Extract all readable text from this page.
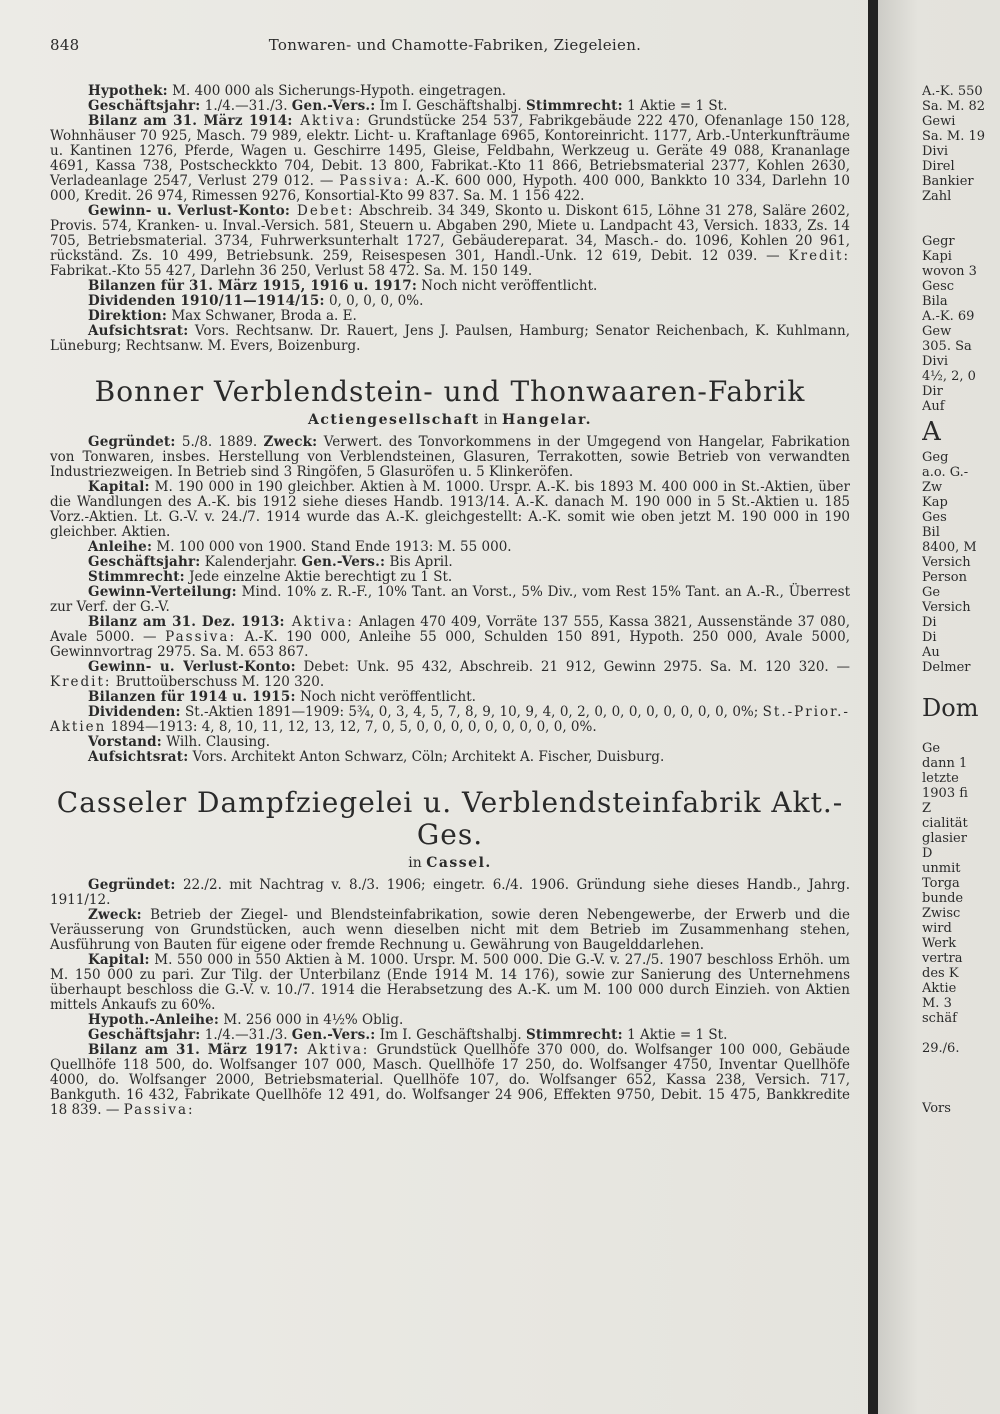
848	Tonwaren- und Chamotte-Fabriken, Ziegeleien.

Hypothek: M. 400 000 als Sicherungs-Hypoth. eingetragen.

Geschäftsjahr: 1./4.—31./3. Gen.-Vers.: Im I. Geschäftshalbj. Stimmrecht: 1 Aktie = 1 St.

Bilanz am 31. März 1914: Aktiva: Grundstücke 254 537, Fabrikgebäude 222 470, Ofenanlage 150 128, Wohnhäuser 70 925, Masch. 79 989, elektr. Licht- u. Kraftanlage 6965, Kontoreinricht. 1177, Arb.-Unterkunfträume u. Kantinen 1276, Pferde, Wagen u. Geschirre 1495, Gleise, Feldbahn, Werkzeug u. Geräte 49 088, Krananlage 4691, Kassa 738, Postscheckkto 704, Debit. 13 800, Fabrikat.-Kto 11 866, Betriebsmaterial 2377, Kohlen 2630, Verladeanlage 2547, Verlust 279 012. — Passiva: A.-K. 600 000, Hypoth. 400 000, Bankkto 10 334, Darlehn 10 000, Kredit. 26 974, Rimessen 9276, Konsortial-Kto 99 837. Sa. M. 1 156 422.

Gewinn- u. Verlust-Konto: Debet: Abschreib. 34 349, Skonto u. Diskont 615, Löhne 31 278, Saläre 2602, Provis. 574, Kranken- u. Inval.-Versich. 581, Steuern u. Abgaben 290, Miete u. Landpacht 43, Versich. 1833, Zs. 14 705, Betriebsmaterial. 3734, Fuhrwerksunterhalt 1727, Gebäudereparat. 34, Masch.- do. 1096, Kohlen 20 961, rückständ. Zs. 10 499, Betriebsunk. 259, Reisespesen 301, Handl.-Unk. 12 619, Debit. 12 039. — Kredit: Fabrikat.-Kto 55 427, Darlehn 36 250, Verlust 58 472. Sa. M. 150 149.

Bilanzen für 31. März 1915, 1916 u. 1917: Noch nicht veröffentlicht.

Dividenden 1910/11—1914/15: 0, 0, 0, 0, 0%.

Direktion: Max Schwaner, Broda a. E.

Aufsichtsrat: Vors. Rechtsanw. Dr. Rauert, Jens J. Paulsen, Hamburg; Senator Reichenbach, K. Kuhlmann, Lüneburg; Rechtsanw. M. Evers, Boizenburg.

Bonner Verblendstein- und Thonwaaren-Fabrik
Actiengesellschaft in Hangelar.

Gegründet: 5./8. 1889. Zweck: Verwert. des Tonvorkommens in der Umgegend von Hangelar, Fabrikation von Tonwaren, insbes. Herstellung von Verblendsteinen, Glasuren, Terrakotten, sowie Betrieb von verwandten Industriezweigen. In Betrieb sind 3 Ringöfen, 5 Glasuröfen u. 5 Klinkeröfen.

Kapital: M. 190 000 in 190 gleichber. Aktien à M. 1000. Urspr. A.-K. bis 1893 M. 400 000 in St.-Aktien, über die Wandlungen des A.-K. bis 1912 siehe dieses Handb. 1913/14. A.-K. danach M. 190 000 in 5 St.-Aktien u. 185 Vorz.-Aktien. Lt. G.-V. v. 24./7. 1914 wurde das A.-K. gleichgestellt: A.-K. somit wie oben jetzt M. 190 000 in 190 gleichber. Aktien.

Anleihe: M. 100 000 von 1900. Stand Ende 1913: M. 55 000.

Geschäftsjahr: Kalenderjahr. Gen.-Vers.: Bis April.

Stimmrecht: Jede einzelne Aktie berechtigt zu 1 St.

Gewinn-Verteilung: Mind. 10% z. R.-F., 10% Tant. an Vorst., 5% Div., vom Rest 15% Tant. an A.-R., Überrest zur Verf. der G.-V.

Bilanz am 31. Dez. 1913: Aktiva: Anlagen 470 409, Vorräte 137 555, Kassa 3821, Aussenstände 37 080, Avale 5000. — Passiva: A.-K. 190 000, Anleihe 55 000, Schulden 150 891, Hypoth. 250 000, Avale 5000, Gewinnvortrag 2975. Sa. M. 653 867.

Gewinn- u. Verlust-Konto: Debet: Unk. 95 432, Abschreib. 21 912, Gewinn 2975. Sa. M. 120 320. — Kredit: Bruttoüberschuss M. 120 320.

Bilanzen für 1914 u. 1915: Noch nicht veröffentlicht.

Dividenden: St.-Aktien 1891—1909: 5¾, 0, 3, 4, 5, 7, 8, 9, 10, 9, 4, 0, 2, 0, 0, 0, 0, 0, 0, 0, 0, 0%; St.-Prior.-Aktien 1894—1913: 4, 8, 10, 11, 12, 13, 12, 7, 0, 5, 0, 0, 0, 0, 0, 0, 0, 0, 0, 0%.

Vorstand: Wilh. Clausing.

Aufsichtsrat: Vors. Architekt Anton Schwarz, Cöln; Architekt A. Fischer, Duisburg.

Casseler Dampfziegelei u. Verblendsteinfabrik Akt.-Ges.
in Cassel.

Gegründet: 22./2. mit Nachtrag v. 8./3. 1906; eingetr. 6./4. 1906. Gründung siehe dieses Handb., Jahrg. 1911/12.

Zweck: Betrieb der Ziegel- und Blendsteinfabrikation, sowie deren Nebengewerbe, der Erwerb und die Veräusserung von Grundstücken, auch wenn dieselben nicht mit dem Betrieb im Zusammenhang stehen, Ausführung von Bauten für eigene oder fremde Rechnung u. Gewährung von Baugelddarlehen.

Kapital: M. 550 000 in 550 Aktien à M. 1000. Urspr. M. 500 000. Die G.-V. v. 27./5. 1907 beschloss Erhöh. um M. 150 000 zu pari. Zur Tilg. der Unterbilanz (Ende 1914 M. 14 176), sowie zur Sanierung des Unternehmens überhaupt beschloss die G.-V. v. 10./7. 1914 die Herabsetzung des A.-K. um M. 100 000 durch Einzieh. von Aktien mittels Ankaufs zu 60%.

Hypoth.-Anleihe: M. 256 000 in 4½% Oblig.

Geschäftsjahr: 1./4.—31./3. Gen.-Vers.: Im I. Geschäftshalbj. Stimmrecht: 1 Aktie = 1 St.

Bilanz am 31. März 1917: Aktiva: Grundstück Quellhöfe 370 000, do. Wolfsanger 100 000, Gebäude Quellhöfe 118 500, do. Wolfsanger 107 000, Masch. Quellhöfe 17 250, do. Wolfsanger 4750, Inventar Quellhöfe 4000, do. Wolfsanger 2000, Betriebsmaterial. Quellhöfe 107, do. Wolfsanger 652, Kassa 238, Versich. 717, Bankguth. 16 432, Fabrikate Quellhöfe 12 491, do. Wolfsanger 24 906, Effekten 9750, Debit. 15 475, Bankkredite 18 839. — Passiva:

A.-K. 550
Sa. M. 82
Gewi
Sa. M. 19
Divi
Direl
Bankier
Zahl
Gegr
Kapi
wovon 3
Gesc
Bila
A.-K. 69
Gew
305. Sa
Divi
4½, 2, 0
Dir
Auf
A
Geg
a.o. G.-
Zw
Kap
Ges
Bil
8400, M
Versich
Person
Ge
Versich
Di
Di
Au
Delmer
Dom
Ge
dann 1
letzte
1903 fi
Z
cialität
glasier
D
unmit
Torga
bunde
Zwisc
wird
Werk
vertra
des K
Aktie
M. 3
schäf
29./6.
Vors
